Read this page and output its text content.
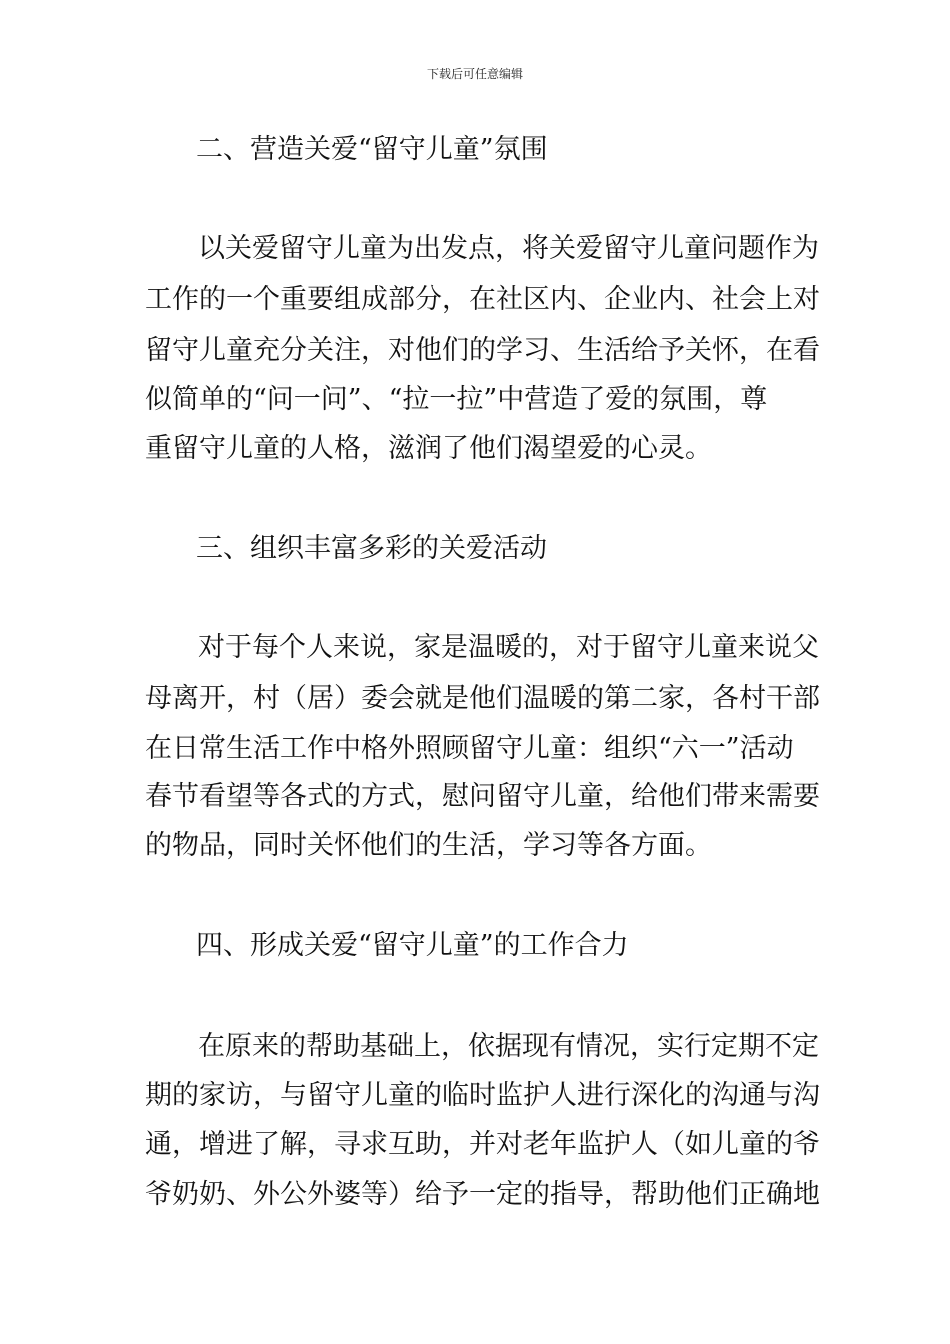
下载后可任意编辑
二、营造关爱“留守儿童”氛围
以关爱留守儿童为出发点，将关爱留守儿童问题作为
工作的一个重要组成部分，在社区内、企业内、社会上对
留守儿童充分关注，对他们的学习、生活给予关怀，在看
似简单的“问一问”、“拉一拉”中营造了爱的氛围，尊
重留守儿童的人格，滋润了他们渴望爱的心灵。
三、组织丰富多彩的关爱活动
对于每个人来说，家是温暖的，对于留守儿童来说父
母离开，村（居）委会就是他们温暖的第二家，各村干部
在日常生活工作中格外照顾留守儿童：组织“六一”活动
春节看望等各式的方式，慰问留守儿童，给他们带来需要
的物品，同时关怀他们的生活，学习等各方面。
四、形成关爱“留守儿童”的工作合力
在原来的帮助基础上，依据现有情况，实行定期不定
期的家访，与留守儿童的临时监护人进行深化的沟通与沟
通，增进了解，寻求互助，并对老年监护人（如儿童的爷
爷奶奶、外公外婆等）给予一定的指导，帮助他们正确地
